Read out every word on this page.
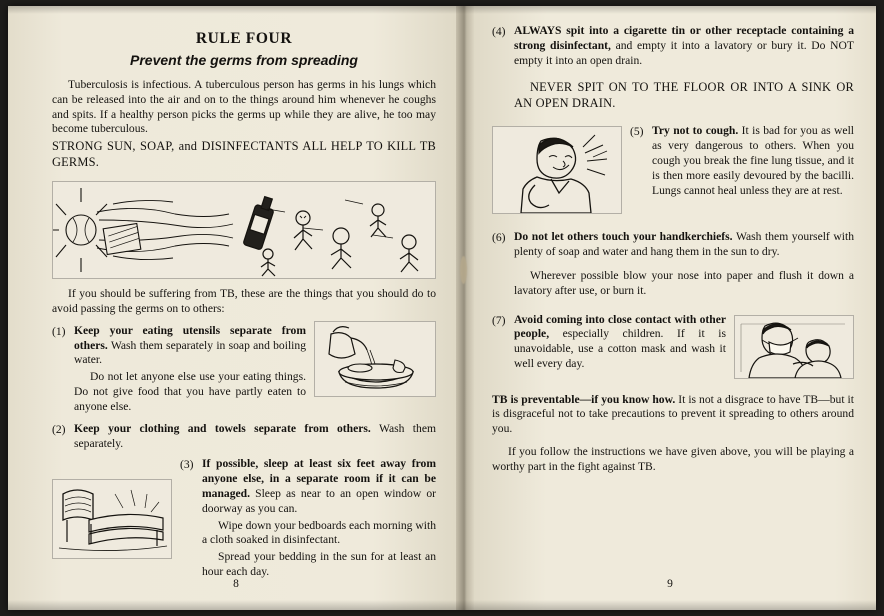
RULE FOUR
Prevent the germs from spreading

Tuberculosis is infectious. A tuberculous person has germs in his lungs which can be released into the air and on to the things around him whenever he coughs and spits. If a healthy person picks the germs up while they are alive, he too may become tuberculous.

STRONG SUN, SOAP, and DISINFECTANTS ALL HELP TO KILL TB GERMS.

If you should be suffering from TB, these are the things that you should do to avoid passing the germs on to others:

(1) Keep your eating utensils separate from others. Wash them separately in soap and boiling water.

Do not let anyone else use your eating things. Do not give food that you have partly eaten to anyone else.

(2) Keep your clothing and towels separate from others. Wash them separately.

(3) If possible, sleep at least six feet away from anyone else, in a separate room if it can be managed. Sleep as near to an open window or doorway as you can.

Wipe down your bedboards each morning with a cloth soaked in disinfectant.

Spread your bedding in the sun for at least an hour each day.

8
(4) ALWAYS spit into a cigarette tin or other receptacle containing a strong disinfectant, and empty it into a lavatory or bury it. Do NOT empty it into an open drain.

NEVER SPIT ON TO THE FLOOR OR INTO A SINK OR AN OPEN DRAIN.

(5) Try not to cough. It is bad for you as well as very dangerous to others. When you cough you break the fine lung tissue, and it is then more easily devoured by the bacilli. Lungs cannot heal unless they are at rest.

(6) Do not let others touch your handkerchiefs. Wash them yourself with plenty of soap and water and hang them in the sun to dry.

Wherever possible blow your nose into paper and flush it down a lavatory after use, or burn it.

(7) Avoid coming into close contact with other people, especially children. If it is unavoidable, use a cotton mask and wash it well every day.

TB is preventable—if you know how. It is not a disgrace to have TB—but it is disgraceful not to take precautions to prevent it spreading to others around you.

If you follow the instructions we have given above, you will be playing a worthy part in the fight against TB.

9
